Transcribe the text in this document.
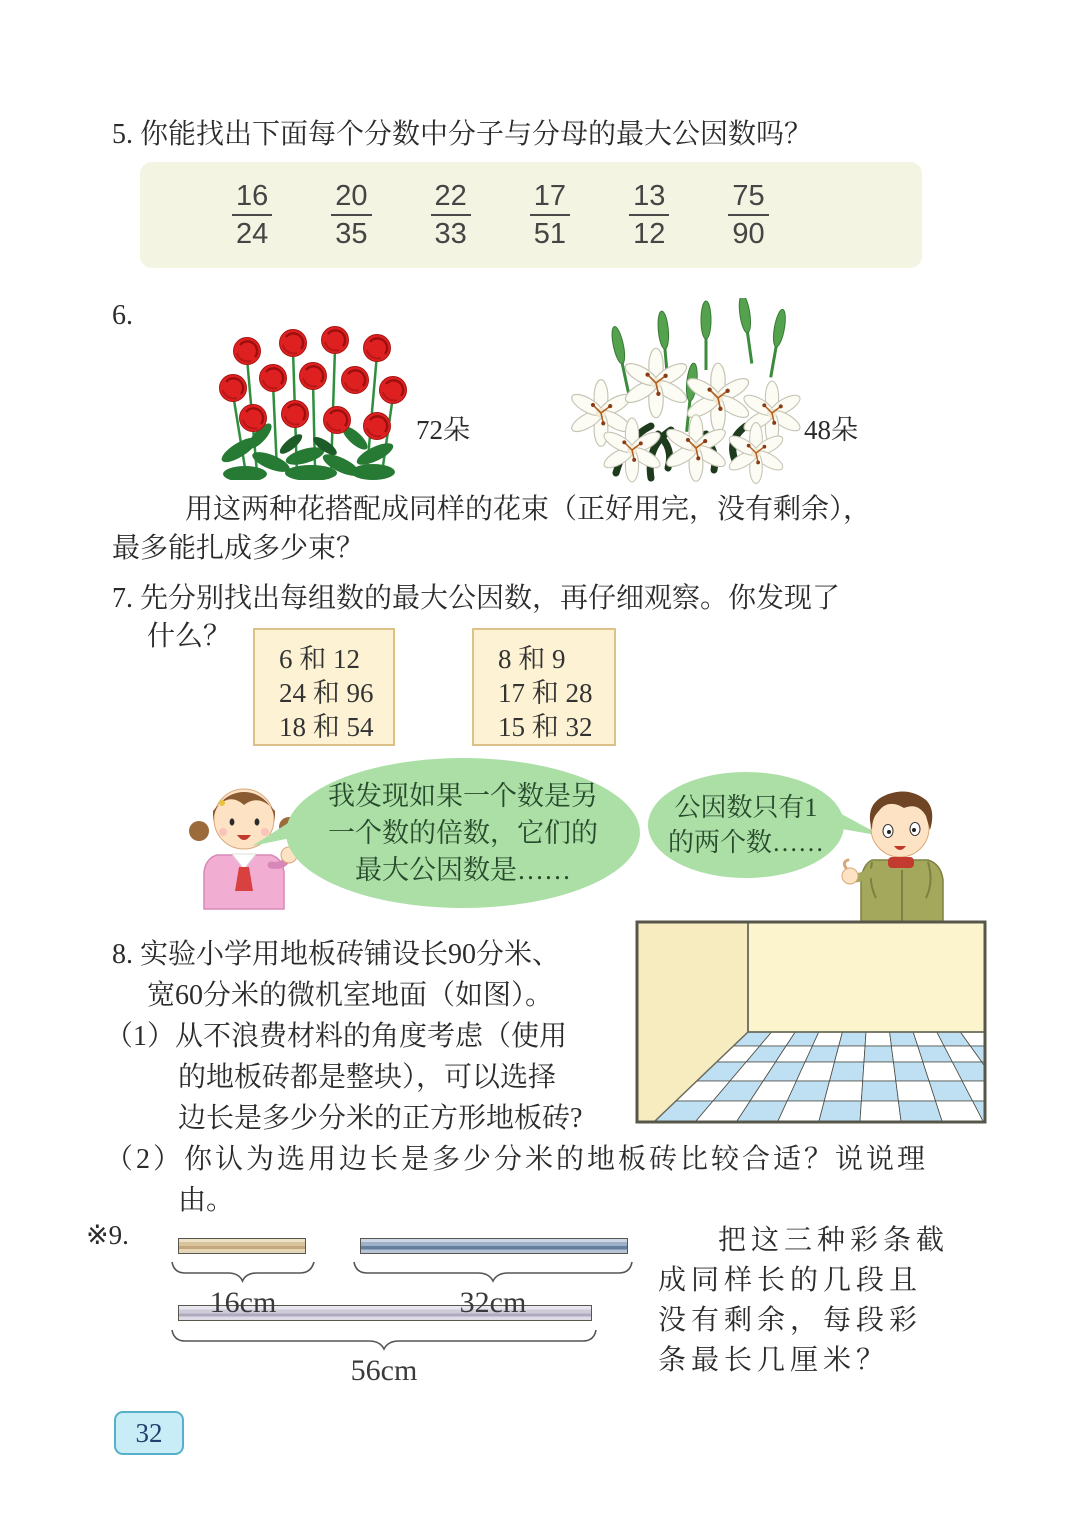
5. 你能找出下面每个分数中分子与分母的最大公因数吗？
$\frac{16}{24} \frac{20}{35} \frac{22}{33} \frac{17}{51} \frac{13}{12} \frac{75}{90}$
6.
72朵	48朵
用这两种花搭配成同样的花束（正好用完，没有剩余），
最多能扎成多少束？
7. 先分别找出每组数的最大公因数，再仔细观察。你发现了
什么？
6 和 12
24 和 96
18 和 54
8 和 9
17 和 28
15 和 32
我发现如果一个数是另
一个数的倍数，它们的
最大公因数是……
公因数只有1
的两个数……
8. 实验小学用地板砖铺设长90分米、
宽60分米的微机室地面（如图）。
（1）从不浪费材料的角度考虑（使用
的地板砖都是整块），可以选择
边长是多少分米的正方形地板砖?
（2）你认为选用边长是多少分米的地板砖比较合适？说说理
由。
※9.
16cm	32cm
56cm
把这三种彩条截
成同样长的几段且
没有剩余，每段彩
条最长几厘米？
32
